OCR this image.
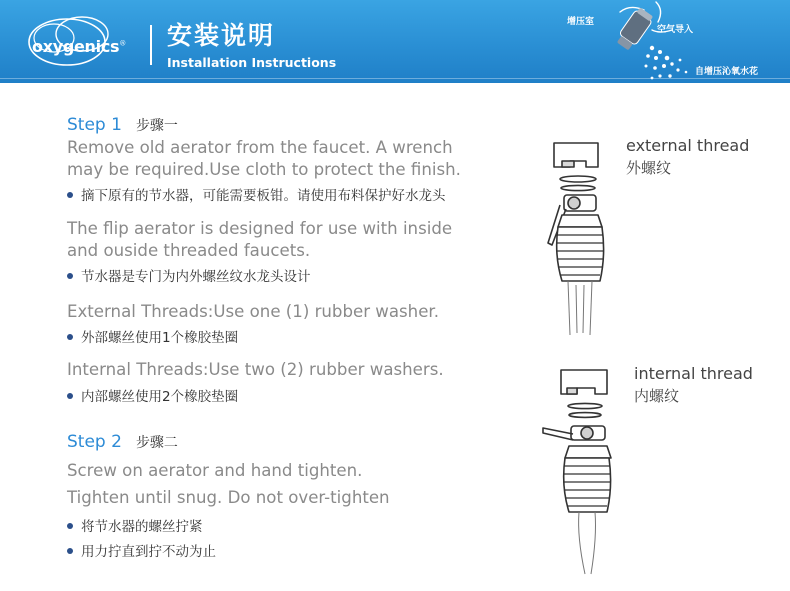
oxygenics® 安装说明
Installation Instructions
增压室
空气导入
自增压沁氧水花
Step 1 步骤一
Remove old aerator from the faucet. A wrench
may be required.Use cloth to protect the finish.
摘下原有的节水器，可能需要板钳。请使用布料保护好水龙头
The flip aerator is designed for use with inside
and ouside threaded faucets.
节水器是专门为内外螺丝纹水龙头设计
External Threads:Use one (1) rubber washer.
外部螺丝使用1个橡胶垫圈
Internal Threads:Use two (2) rubber washers.
内部螺丝使用2个橡胶垫圈
Step 2 步骤二
Screw on aerator and hand tighten.
Tighten until snug. Do not over-tighten
将节水器的螺丝拧紧
用力拧直到拧不动为止
external thread
外螺纹
internal thread
内螺纹
